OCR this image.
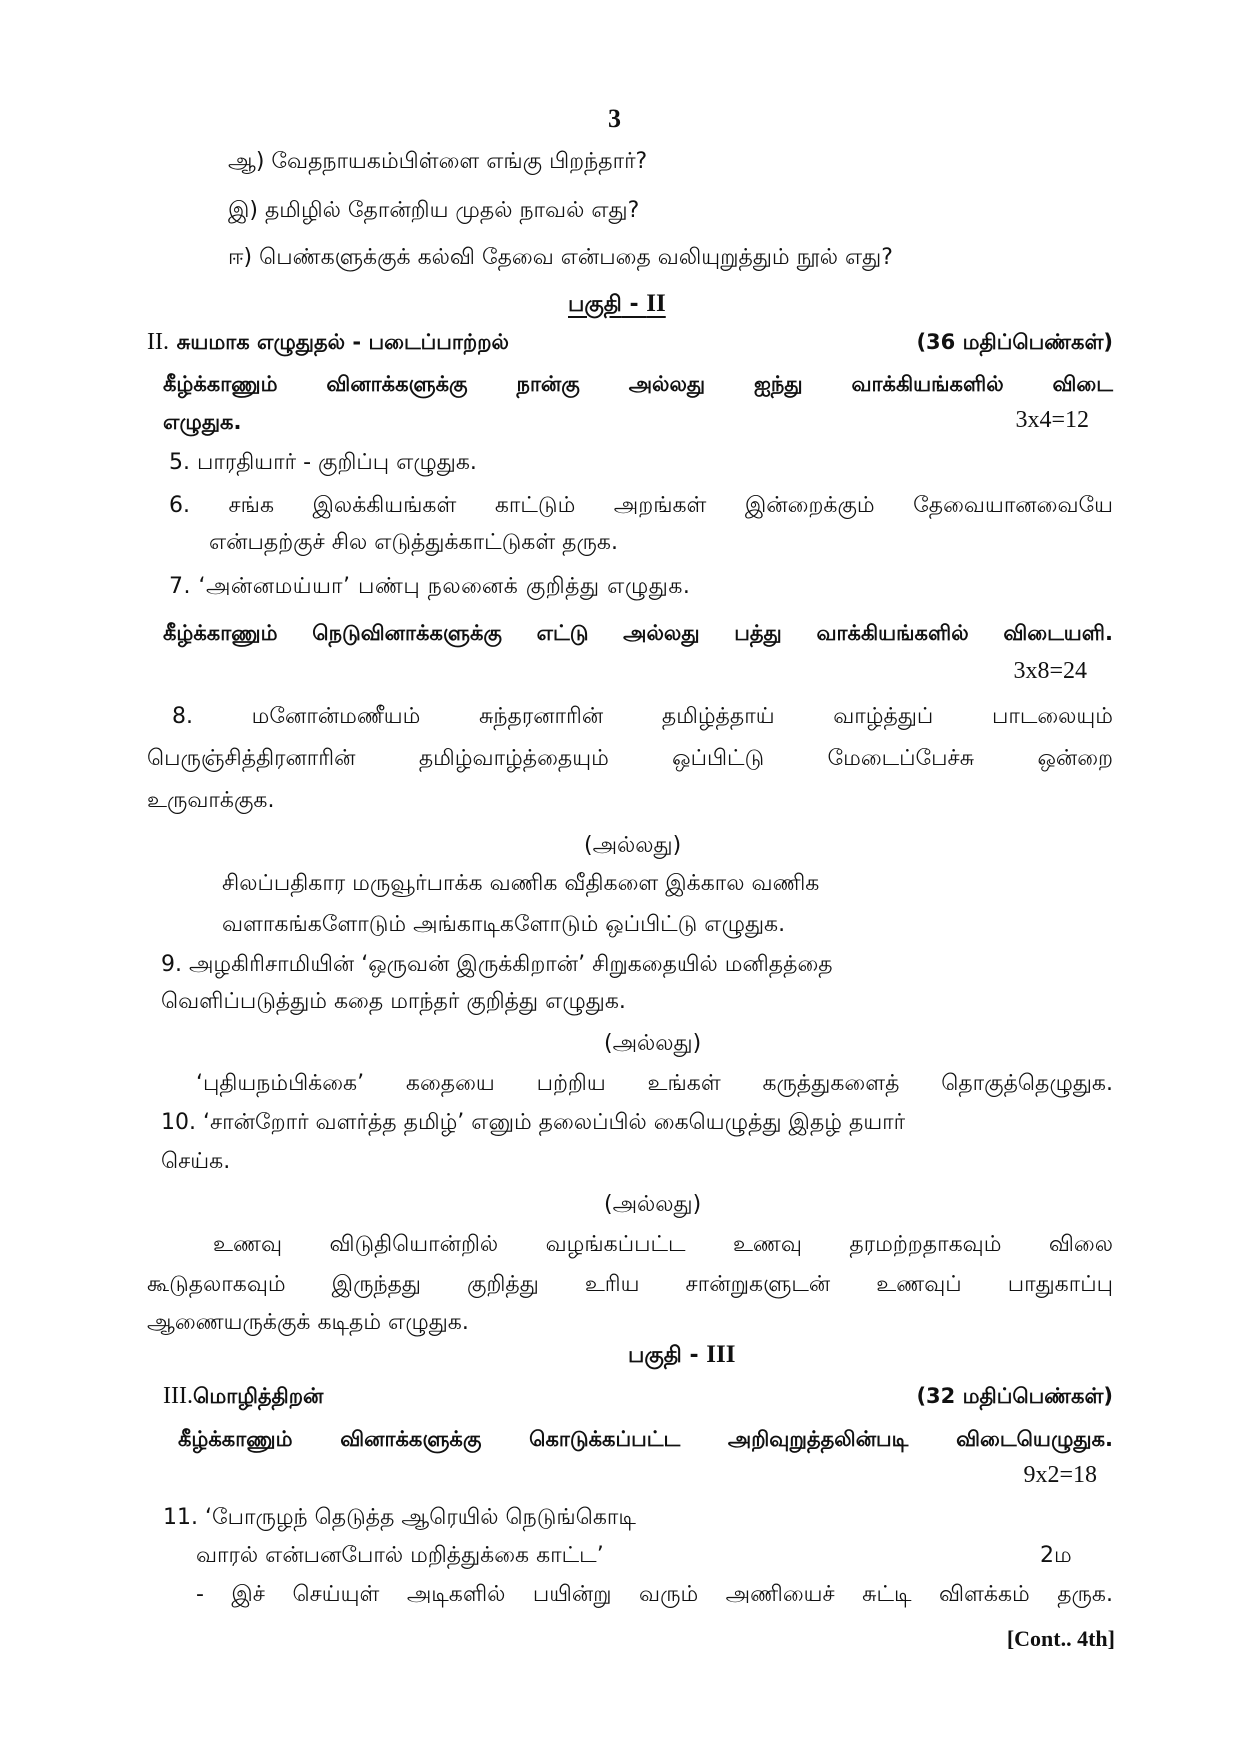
3
ஆ) வேதநாயகம்பிள்ளை எங்கு பிறந்தார்?
இ) தமிழில் தோன்றிய முதல் நாவல் எது?
ஈ) பெண்களுக்குக் கல்வி தேவை என்பதை வலியுறுத்தும் நூல் எது?
பகுதி - II
II. சுயமாக எழுதுதல் - படைப்பாற்றல்	(36 மதிப்பெண்கள்)
கீழ்க்காணும் வினாக்களுக்கு நான்கு அல்லது ஐந்து வாக்கியங்களில் விடை
எழுதுக.	3x4=12
5. பாரதியார் - குறிப்பு எழுதுக.
6. சங்க இலக்கியங்கள் காட்டும் அறங்கள் இன்றைக்கும் தேவையானவையே
என்பதற்குச் சில எடுத்துக்காட்டுகள் தருக.
7. ‘அன்னமய்யா’ பண்பு நலனைக் குறித்து எழுதுக.
கீழ்க்காணும் நெடுவினாக்களுக்கு எட்டு அல்லது பத்து வாக்கியங்களில் விடையளி.
3x8=24
8. மனோன்மணீயம் சுந்தரனாரின் தமிழ்த்தாய் வாழ்த்துப் பாடலையும்
பெருஞ்சித்திரனாரின் தமிழ்வாழ்த்தையும் ஒப்பிட்டு மேடைப்பேச்சு ஒன்றை
உருவாக்குக.
(அல்லது)
சிலப்பதிகார மருவூர்பாக்க வணிக வீதிகளை இக்கால வணிக
வளாகங்களோடும் அங்காடிகளோடும் ஒப்பிட்டு எழுதுக.
9. அழகிரிசாமியின் ‘ஒருவன் இருக்கிறான்’ சிறுகதையில் மனிதத்தை
வெளிப்படுத்தும் கதை மாந்தர் குறித்து எழுதுக.
(அல்லது)
‘புதியநம்பிக்கை’ கதையை பற்றிய உங்கள் கருத்துகளைத் தொகுத்தெழுதுக.
10. ‘சான்றோர் வளர்த்த தமிழ்’ எனும் தலைப்பில் கையெழுத்து இதழ் தயார்
செய்க.
(அல்லது)
உணவு விடுதியொன்றில் வழங்கப்பட்ட உணவு தரமற்றதாகவும் விலை
கூடுதலாகவும் இருந்தது குறித்து உரிய சான்றுகளுடன் உணவுப் பாதுகாப்பு
ஆணையருக்குக் கடிதம் எழுதுக.
பகுதி - III
III.மொழித்திறன்	(32 மதிப்பெண்கள்)
கீழ்க்காணும் வினாக்களுக்கு கொடுக்கப்பட்ட அறிவுறுத்தலின்படி விடையெழுதுக.
9x2=18
11. ‘போருழந் தெடுத்த ஆரெயில் நெடுங்கொடி
வாரல் என்பனபோல் மறித்துக்கை காட்ட’	2ம
- இச் செய்யுள் அடிகளில் பயின்று வரும் அணியைச் சுட்டி விளக்கம் தருக.
[Cont.. 4th]
